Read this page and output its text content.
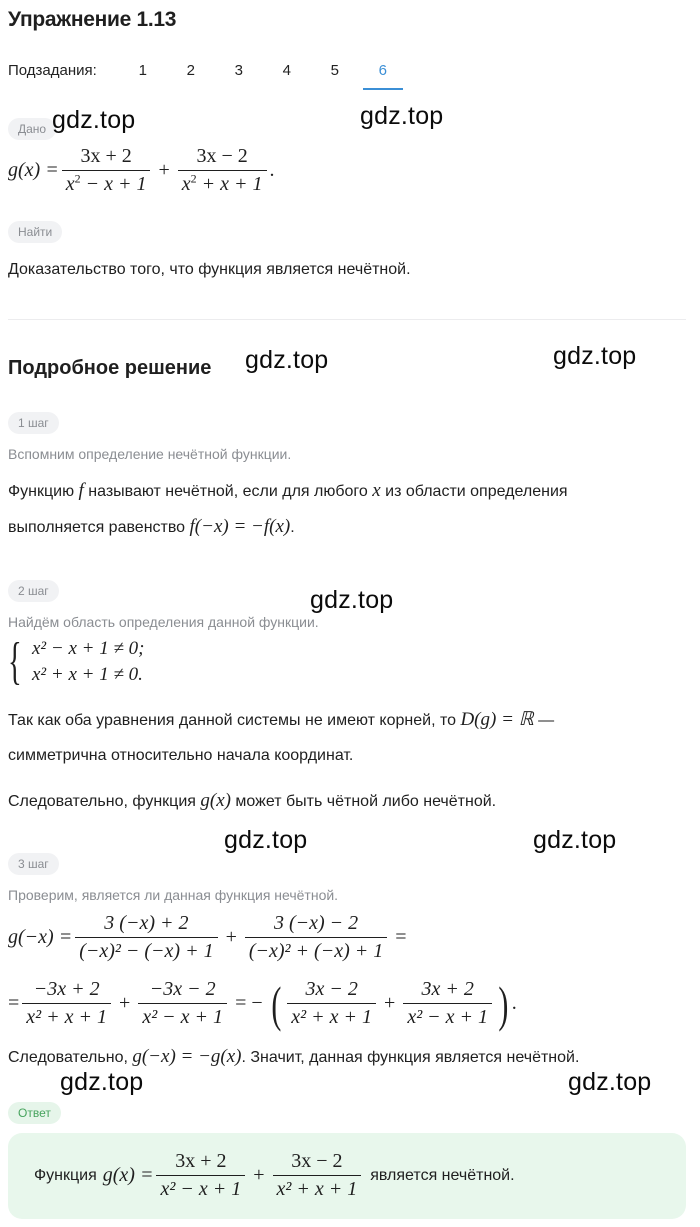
Упражнение 1.13
Подзадания:	1	2	3	4	5	6
Дано
$g(x) = \frac{3x + 2}{x^2 - x + 1} + \frac{3x - 2}{x^2 + x + 1}$ .
Найти
Доказательство того, что функция является нечётной.
Подробное решение
1 шаг
Вспомним определение нечётной функции.
Функцию f называют нечётной, если для любого x из области определения
выполняется равенство f(−x) = −f(x).
2 шаг
Найдём область определения данной функции.
{ x² − x + 1 ≠ 0;
x² + x + 1 ≠ 0.
Так как оба уравнения данной системы не имеют корней, то D(g) = ℝ —
симметрична относительно начала координат.
Следовательно, функция g(x) может быть чётной либо нечётной.
3 шаг
Проверим, является ли данная функция нечётной.
$g(-x) = \frac{3 (-x) + 2}{\text{(−x)² − (−x) + 1}} + \frac{3 (-x) - 2}{\text{(−x)² + (−x) + 1}}$ =
= $\frac{-3x + 2}{\text{x² + x + 1}} + \frac{-3x - 2}{\text{x² − x + 1}}$ = − ( $\frac{3x - 2}{\text{x² + x + 1}} + \frac{3x + 2}{\text{x² − x + 1}}$ ) .
Следовательно, g(−x) = −g(x). Значит, данная функция является нечётной.
Ответ
Функция $g(x) = \frac{3x + 2}{\text{x² − x + 1}} + \frac{3x - 2}{\text{x² + x + 1}}$ является нечётной.
gdz.top	gdz.top
gdz.top	gdz.top
gdz.top
gdz.top	gdz.top
gdz.top	gdz.top
